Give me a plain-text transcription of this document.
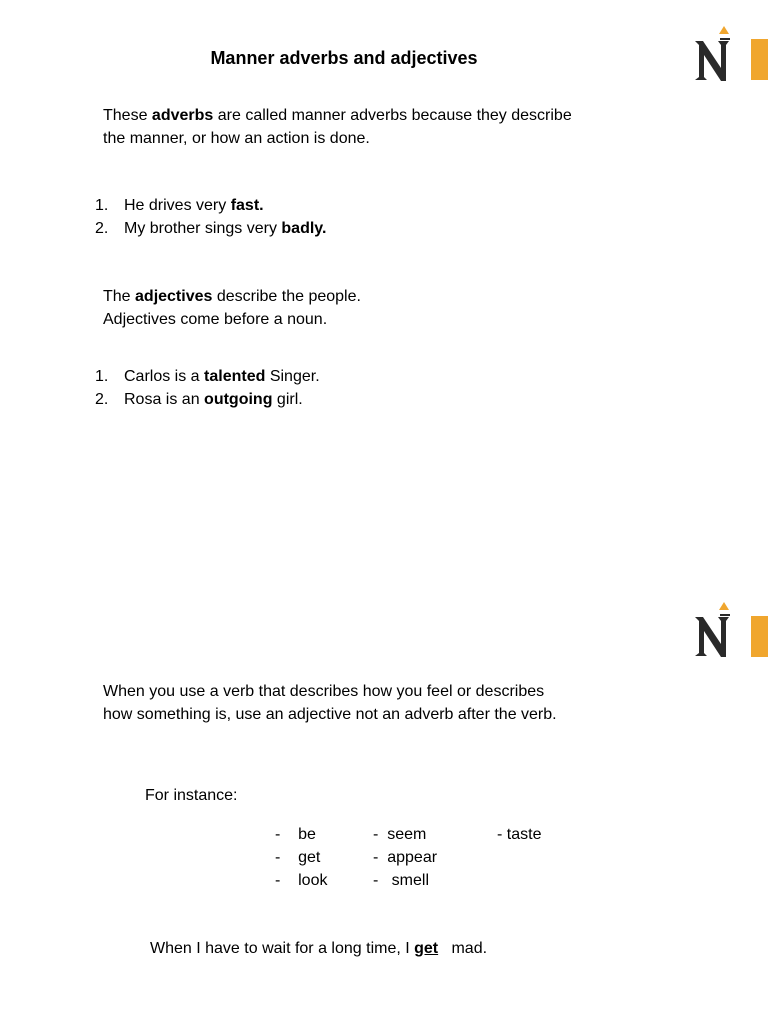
Manner adverbs and adjectives
These adverbs are called manner adverbs because they describe
the manner, or how an action is done.
1. He drives very fast.
2. My brother sings very badly.
The adjectives describe the people.
Adjectives come before a noun.
1. Carlos is a talented Singer.
2. Rosa is an outgoing girl.
When you use a verb that describes how you feel or describes
how something is, use an adjective not an adverb after the verb.
For instance:
-    be
-    get
-    look
-  seem
-  appear
-   smell
- taste
When I have to wait for a long time, I get   mad.
